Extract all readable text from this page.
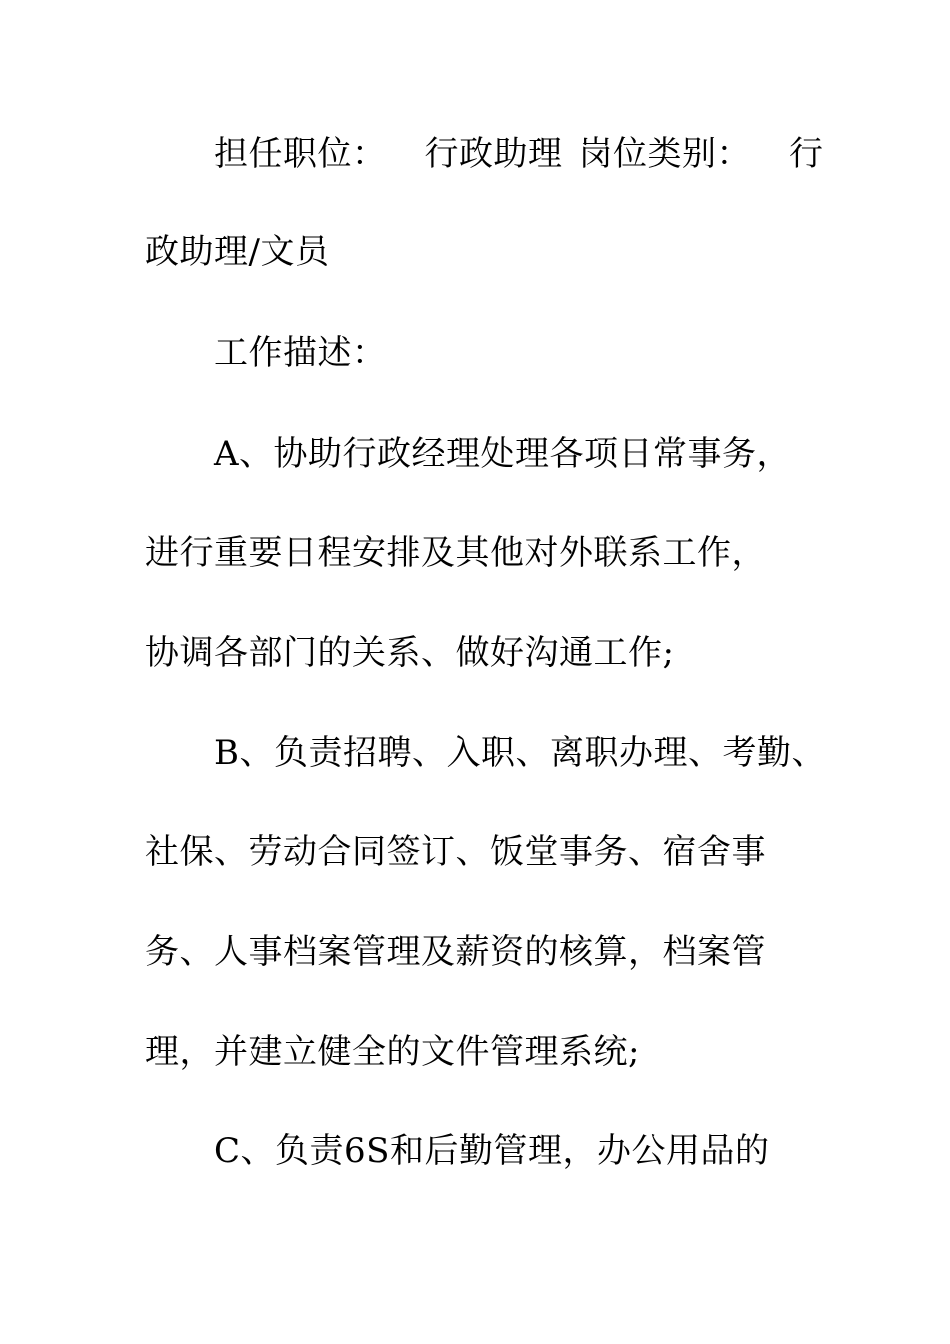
担任职位： 行政助理 岗位类别： 行
政助理/文员
工作描述：
A、协助行政经理处理各项日常事务，
进行重要日程安排及其他对外联系工作，
协调各部门的关系、做好沟通工作;
B、负责招聘、入职、离职办理、考勤、
社保、劳动合同签订、饭堂事务、宿舍事
务、人事档案管理及薪资的核算，档案管
理，并建立健全的文件管理系统;
C、负责6S和后勤管理，办公用品的
